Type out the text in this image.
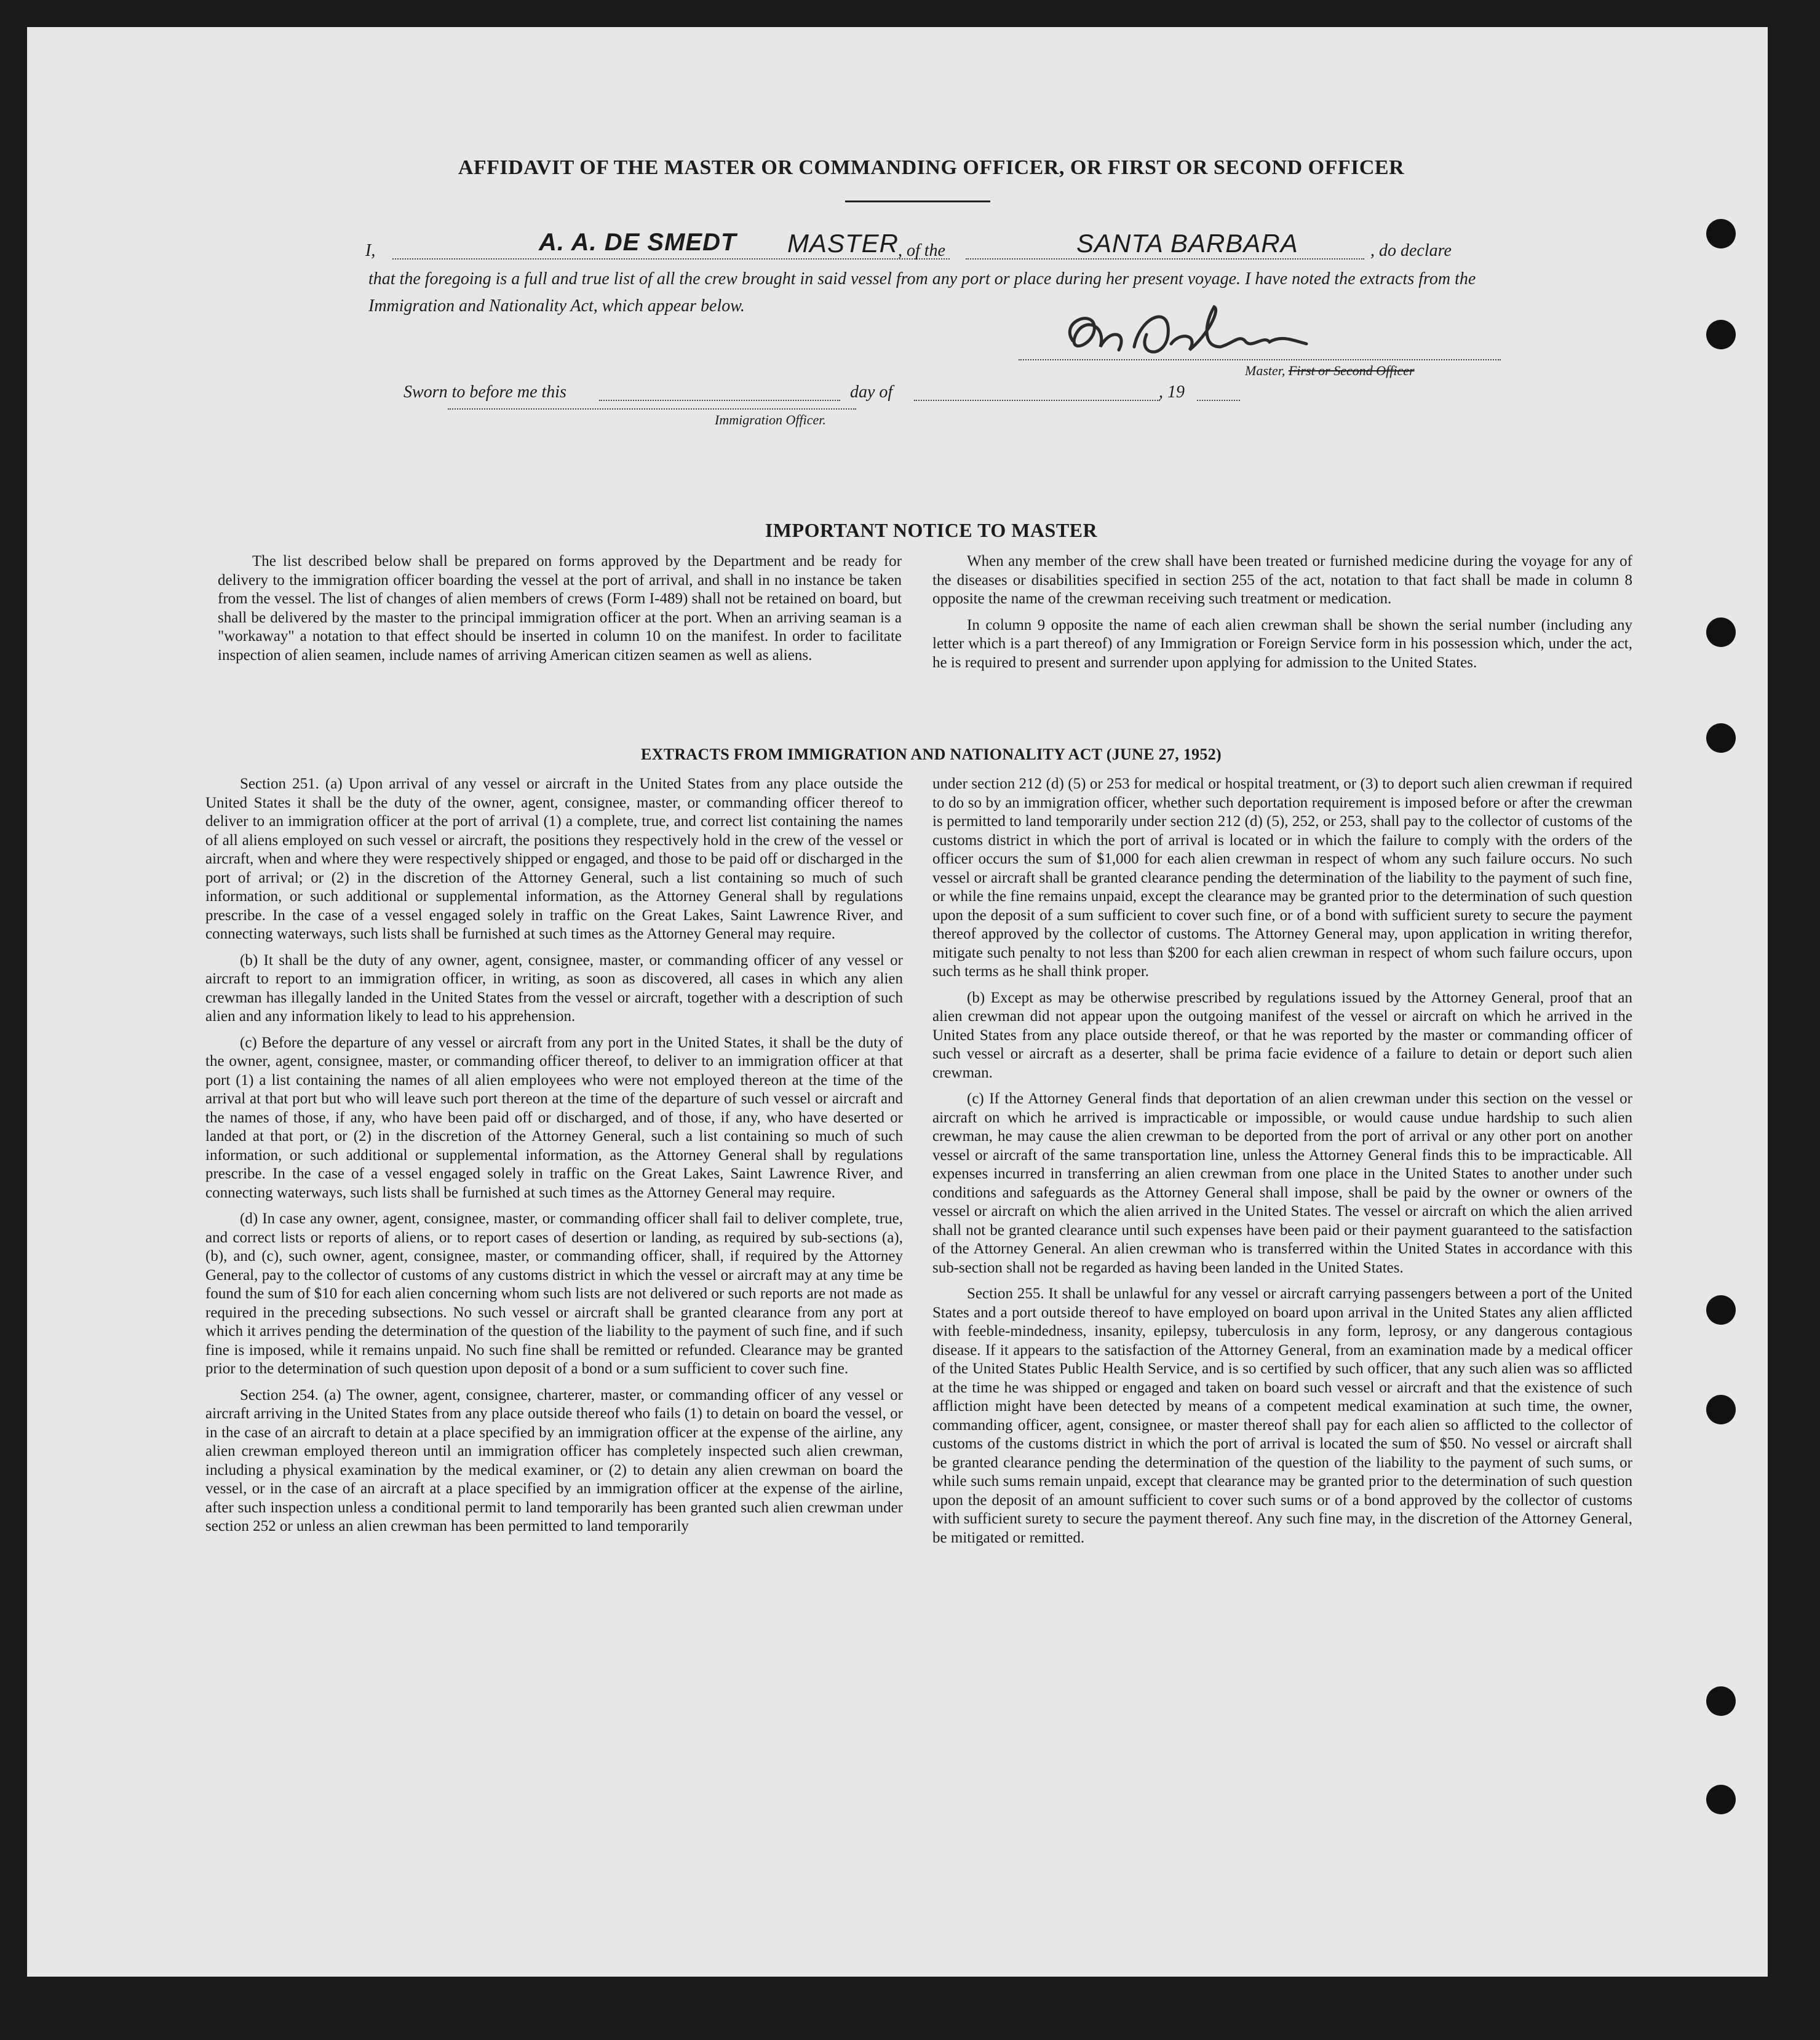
AFFIDAVIT OF THE MASTER OR COMMANDING OFFICER, OR FIRST OR SECOND OFFICER
I,	A. A. DE SMEDT MASTER
, of the	SANTA BARBARA	, do declare
that the foregoing is a full and true list of all the crew brought in said vessel from any port or place during her present voyage. I have noted the extracts from the Immigration and Nationality Act, which appear below.
Master, First or Second Officer
Sworn to before me this	day of	, 19
Immigration Officer.
IMPORTANT NOTICE TO MASTER

The list described below shall be prepared on forms approved by the Department and be ready for delivery to the immigration officer boarding the vessel at the port of arrival, and shall in no instance be taken from the vessel. The list of changes of alien members of crews (Form I-489) shall not be retained on board, but shall be delivered by the master to the principal immigration officer at the port. When an arriving seaman is a "workaway" a notation to that effect should be inserted in column 10 on the manifest. In order to facilitate inspection of alien seamen, include names of arriving American citizen seamen as well as aliens.

When any member of the crew shall have been treated or furnished medicine during the voyage for any of the diseases or disabilities specified in section 255 of the act, notation to that fact shall be made in column 8 opposite the name of the crewman receiving such treatment or medication.

In column 9 opposite the name of each alien crewman shall be shown the serial number (including any letter which is a part thereof) of any Immigration or Foreign Service form in his possession which, under the act, he is required to present and surrender upon applying for admission to the United States.

EXTRACTS FROM IMMIGRATION AND NATIONALITY ACT (JUNE 27, 1952)

Section 251. (a) Upon arrival of any vessel or aircraft in the United States from any place outside the United States it shall be the duty of the owner, agent, consignee, master, or commanding officer thereof to deliver to an immigration officer at the port of arrival (1) a complete, true, and correct list containing the names of all aliens employed on such vessel or aircraft, the positions they respectively hold in the crew of the vessel or aircraft, when and where they were respectively shipped or engaged, and those to be paid off or discharged in the port of arrival; or (2) in the discretion of the Attorney General, such a list containing so much of such information, or such additional or supplemental information, as the Attorney General shall by regulations prescribe. In the case of a vessel engaged solely in traffic on the Great Lakes, Saint Lawrence River, and connecting waterways, such lists shall be furnished at such times as the Attorney General may require.

(b) It shall be the duty of any owner, agent, consignee, master, or commanding officer of any vessel or aircraft to report to an immigration officer, in writing, as soon as discovered, all cases in which any alien crewman has illegally landed in the United States from the vessel or aircraft, together with a description of such alien and any information likely to lead to his apprehension.

(c) Before the departure of any vessel or aircraft from any port in the United States, it shall be the duty of the owner, agent, consignee, master, or commanding officer thereof, to deliver to an immigration officer at that port (1) a list containing the names of all alien employees who were not employed thereon at the time of the arrival at that port but who will leave such port thereon at the time of the departure of such vessel or aircraft and the names of those, if any, who have been paid off or discharged, and of those, if any, who have deserted or landed at that port, or (2) in the discretion of the Attorney General, such a list containing so much of such information, or such additional or supplemental information, as the Attorney General shall by regulations prescribe. In the case of a vessel engaged solely in traffic on the Great Lakes, Saint Lawrence River, and connecting waterways, such lists shall be furnished at such times as the Attorney General may require.

(d) In case any owner, agent, consignee, master, or commanding officer shall fail to deliver complete, true, and correct lists or reports of aliens, or to report cases of desertion or landing, as required by sub-sections (a), (b), and (c), such owner, agent, consignee, master, or commanding officer, shall, if required by the Attorney General, pay to the collector of customs of any customs district in which the vessel or aircraft may at any time be found the sum of $10 for each alien concerning whom such lists are not delivered or such reports are not made as required in the preceding subsections. No such vessel or aircraft shall be granted clearance from any port at which it arrives pending the determination of the question of the liability to the payment of such fine, and if such fine is imposed, while it remains unpaid. No such fine shall be remitted or refunded. Clearance may be granted prior to the determination of such question upon deposit of a bond or a sum sufficient to cover such fine.

Section 254. (a) The owner, agent, consignee, charterer, master, or commanding officer of any vessel or aircraft arriving in the United States from any place outside thereof who fails (1) to detain on board the vessel, or in the case of an aircraft to detain at a place specified by an immigration officer at the expense of the airline, any alien crewman employed thereon until an immigration officer has completely inspected such alien crewman, including a physical examination by the medical examiner, or (2) to detain any alien crewman on board the vessel, or in the case of an aircraft at a place specified by an immigration officer at the expense of the airline, after such inspection unless a conditional permit to land temporarily has been granted such alien crewman under section 252 or unless an alien crewman has been permitted to land temporarily

under section 212 (d) (5) or 253 for medical or hospital treatment, or (3) to deport such alien crewman if required to do so by an immigration officer, whether such deportation requirement is imposed before or after the crewman is permitted to land temporarily under section 212 (d) (5), 252, or 253, shall pay to the collector of customs of the customs district in which the port of arrival is located or in which the failure to comply with the orders of the officer occurs the sum of $1,000 for each alien crewman in respect of whom any such failure occurs. No such vessel or aircraft shall be granted clearance pending the determination of the liability to the payment of such fine, or while the fine remains unpaid, except the clearance may be granted prior to the determination of such question upon the deposit of a sum sufficient to cover such fine, or of a bond with sufficient surety to secure the payment thereof approved by the collector of customs. The Attorney General may, upon application in writing therefor, mitigate such penalty to not less than $200 for each alien crewman in respect of whom such failure occurs, upon such terms as he shall think proper.

(b) Except as may be otherwise prescribed by regulations issued by the Attorney General, proof that an alien crewman did not appear upon the outgoing manifest of the vessel or aircraft on which he arrived in the United States from any place outside thereof, or that he was reported by the master or commanding officer of such vessel or aircraft as a deserter, shall be prima facie evidence of a failure to detain or deport such alien crewman.

(c) If the Attorney General finds that deportation of an alien crewman under this section on the vessel or aircraft on which he arrived is impracticable or impossible, or would cause undue hardship to such alien crewman, he may cause the alien crewman to be deported from the port of arrival or any other port on another vessel or aircraft of the same transportation line, unless the Attorney General finds this to be impracticable. All expenses incurred in transferring an alien crewman from one place in the United States to another under such conditions and safeguards as the Attorney General shall impose, shall be paid by the owner or owners of the vessel or aircraft on which the alien arrived in the United States. The vessel or aircraft on which the alien arrived shall not be granted clearance until such expenses have been paid or their payment guaranteed to the satisfaction of the Attorney General. An alien crewman who is transferred within the United States in accordance with this sub-section shall not be regarded as having been landed in the United States.

Section 255. It shall be unlawful for any vessel or aircraft carrying passengers between a port of the United States and a port outside thereof to have employed on board upon arrival in the United States any alien afflicted with feeble-mindedness, insanity, epilepsy, tuberculosis in any form, leprosy, or any dangerous contagious disease. If it appears to the satisfaction of the Attorney General, from an examination made by a medical officer of the United States Public Health Service, and is so certified by such officer, that any such alien was so afflicted at the time he was shipped or engaged and taken on board such vessel or aircraft and that the existence of such affliction might have been detected by means of a competent medical examination at such time, the owner, commanding officer, agent, consignee, or master thereof shall pay for each alien so afflicted to the collector of customs of the customs district in which the port of arrival is located the sum of $50. No vessel or aircraft shall be granted clearance pending the determination of the question of the liability to the payment of such sums, or while such sums remain unpaid, except that clearance may be granted prior to the determination of such question upon the deposit of an amount sufficient to cover such sums or of a bond approved by the collector of customs with sufficient surety to secure the payment thereof. Any such fine may, in the discretion of the Attorney General, be mitigated or remitted.
